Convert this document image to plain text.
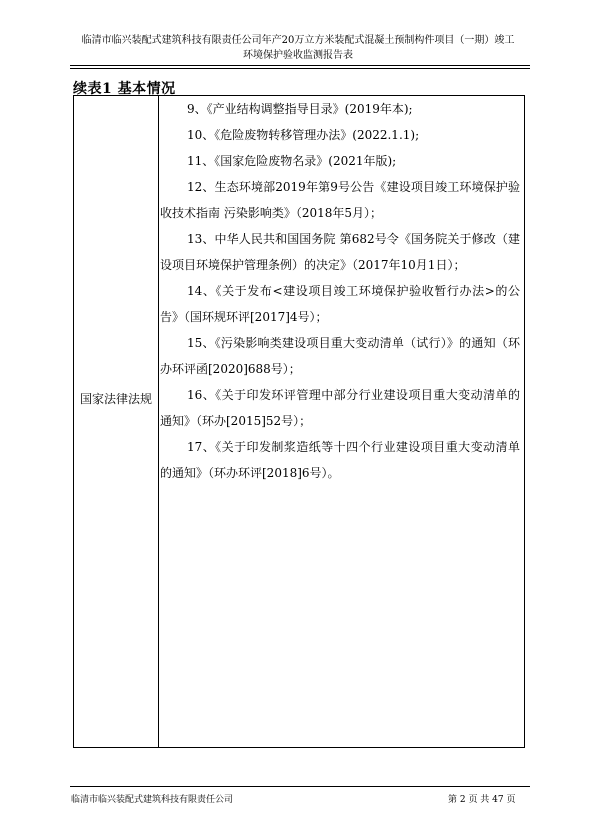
临清市临兴装配式建筑科技有限责任公司年产20万立方米装配式混凝土预制构件项目（一期）竣工
环境保护验收监测报告表
续表1 基本情况
国家法律法规
9、《产业结构调整指导目录》(2019年本);
10、《危险废物转移管理办法》(2022.1.1);
11、《国家危险废物名录》(2021年版);
12、生态环境部2019年第9号公告《建设项目竣工环境保护验收技术指南 污染影响类》（2018年5月）；
13、中华人民共和国国务院 第682号令《国务院关于修改（建设项目环境保护管理条例）的决定》（2017年10月1日）；
14、《关于发布<建设项目竣工环境保护验收暂行办法>的公告》（国环规环评[2017]4号）；
15、《污染影响类建设项目重大变动清单（试行）》的通知（环办环评函[2020]688号）；
16、《关于印发环评管理中部分行业建设项目重大变动清单的通知》（环办[2015]52号）；
17、《关于印发制浆造纸等十四个行业建设项目重大变动清单的通知》（环办环评[2018]6号）。
临清市临兴装配式建筑科技有限责任公司	第 2 页 共 47 页
